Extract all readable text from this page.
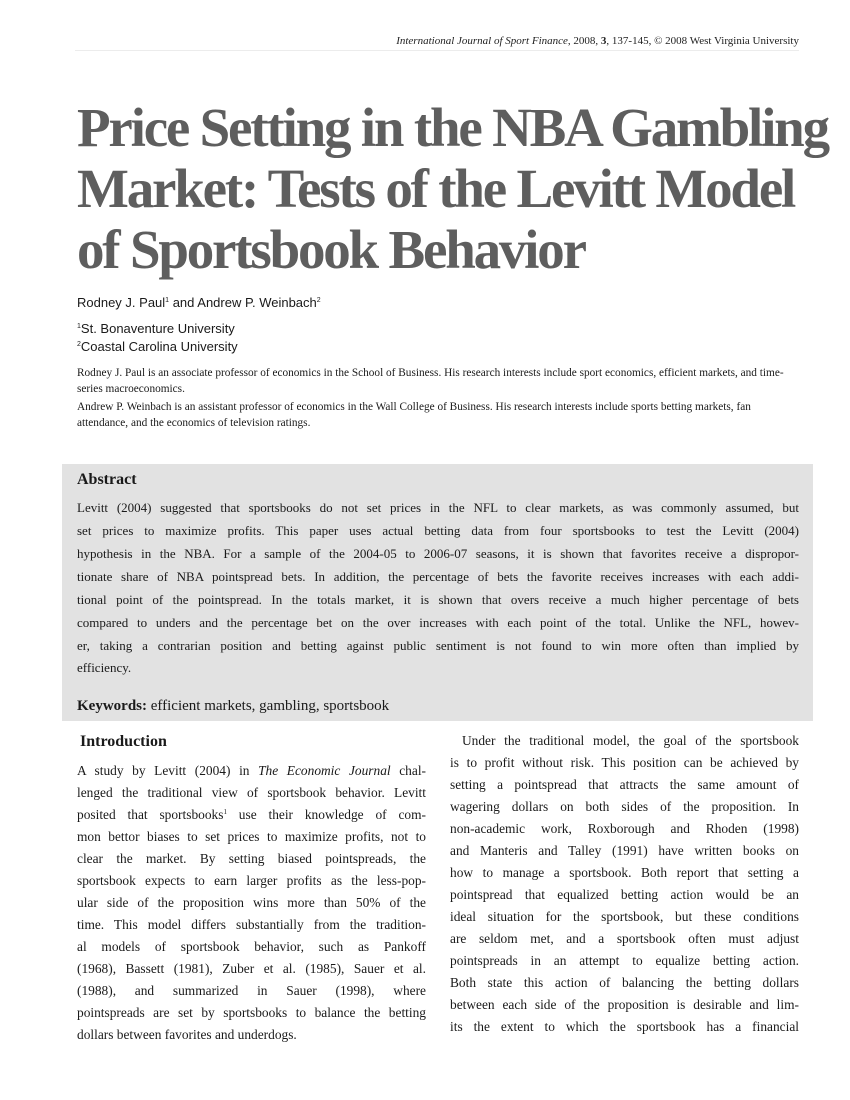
International Journal of Sport Finance, 2008, 3, 137-145, © 2008 West Virginia University
Price Setting in the NBA Gambling
Market: Tests of the Levitt Model
of Sportsbook Behavior

Rodney J. Paul$^1$ and Andrew P. Weinbach$^2$

$^1$St. Bonaventure University

$^2$Coastal Carolina University

Rodney J. Paul is an associate professor of economics in the School of Business. His research interests include sport economics, efficient markets, and time-series macroeconomics.

Andrew P. Weinbach is an assistant professor of economics in the Wall College of Business. His research interests include sports betting markets, fan attendance, and the economics of television ratings.

Abstract

Levitt (2004) suggested that sportsbooks do not set prices in the NFL to clear markets, as was commonly assumed, but

set prices to maximize profits. This paper uses actual betting data from four sportsbooks to test the Levitt (2004)

hypothesis in the NBA. For a sample of the 2004-05 to 2006-07 seasons, it is shown that favorites receive a dispropor-

tionate share of NBA pointspread bets. In addition, the percentage of bets the favorite receives increases with each addi-

tional point of the pointspread. In the totals market, it is shown that overs receive a much higher percentage of bets

compared to unders and the percentage bet on the over increases with each point of the total. Unlike the NFL, howev-

er, taking a contrarian position and betting against public sentiment is not found to win more often than implied by

efficiency.

Keywords: efficient markets, gambling, sportsbook

Introduction

A study by Levitt (2004) in The Economic Journal chal-

lenged the traditional view of sportsbook behavior. Levitt

posited that sportsbooks$^1$ use their knowledge of com-

mon bettor biases to set prices to maximize profits, not to

clear the market. By setting biased pointspreads, the

sportsbook expects to earn larger profits as the less-pop-

ular side of the proposition wins more than 50% of the

time. This model differs substantially from the tradition-

al models of sportsbook behavior, such as Pankoff

(1968), Bassett (1981), Zuber et al. (1985), Sauer et al.

(1988), and summarized in Sauer (1998), where

pointspreads are set by sportsbooks to balance the betting

dollars between favorites and underdogs.

Under the traditional model, the goal of the sportsbook

is to profit without risk. This position can be achieved by

setting a pointspread that attracts the same amount of

wagering dollars on both sides of the proposition. In

non-academic work, Roxborough and Rhoden (1998)

and Manteris and Talley (1991) have written books on

how to manage a sportsbook. Both report that setting a

pointspread that equalized betting action would be an

ideal situation for the sportsbook, but these conditions

are seldom met, and a sportsbook often must adjust

pointspreads in an attempt to equalize betting action.

Both state this action of balancing the betting dollars

between each side of the proposition is desirable and lim-

its the extent to which the sportsbook has a financial
